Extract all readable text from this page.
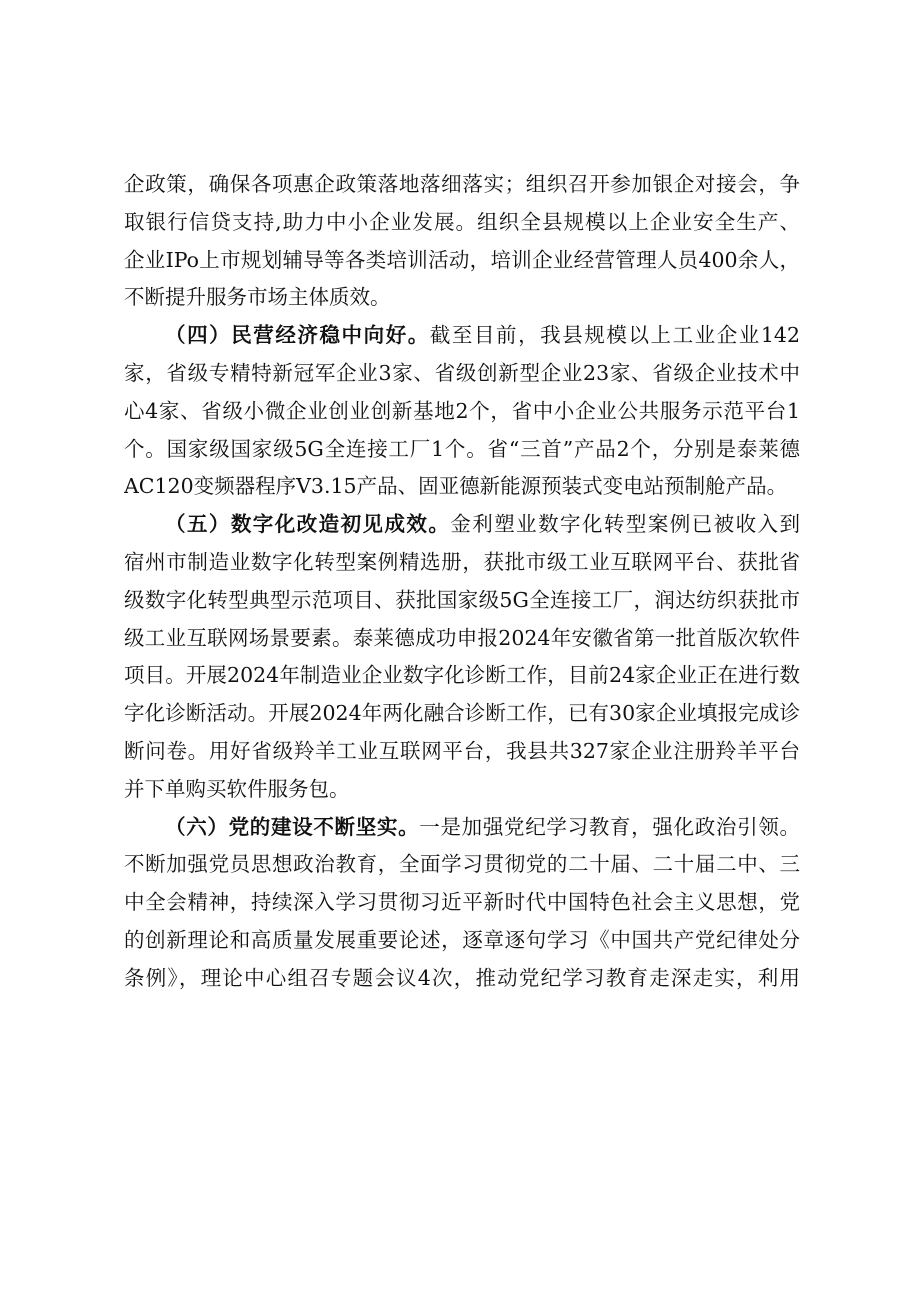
企政策，确保各项惠企政策落地落细落实；组织召开参加银企对接会，争
取银行信贷支持,助力中小企业发展。组织全县规模以上企业安全生产、
企业IPo上市规划辅导等各类培训活动，培训企业经营管理人员400余人，
不断提升服务市场主体质效。
（四）民营经济稳中向好。截至目前，我县规模以上工业企业142
家，省级专精特新冠军企业3家、省级创新型企业23家、省级企业技术中
心4家、省级小微企业创业创新基地2个，省中小企业公共服务示范平台1
个。国家级国家级5G全连接工厂1个。省“三首”产品2个，分别是泰莱德
AC120变频器程序V3.15产品、固亚德新能源预装式变电站预制舱产品。
（五）数字化改造初见成效。金利塑业数字化转型案例已被收入到
宿州市制造业数字化转型案例精选册，获批市级工业互联网平台、获批省
级数字化转型典型示范项目、获批国家级5G全连接工厂，润达纺织获批市
级工业互联网场景要素。泰莱德成功申报2024年安徽省第一批首版次软件
项目。开展2024年制造业企业数字化诊断工作，目前24家企业正在进行数
字化诊断活动。开展2024年两化融合诊断工作，已有30家企业填报完成诊
断问卷。用好省级羚羊工业互联网平台，我县共327家企业注册羚羊平台
并下单购买软件服务包。
（六）党的建设不断坚实。一是加强党纪学习教育，强化政治引领。
不断加强党员思想政治教育，全面学习贯彻党的二十届、二十届二中、三
中全会精神，持续深入学习贯彻习近平新时代中国特色社会主义思想，党
的创新理论和高质量发展重要论述，逐章逐句学习《中国共产党纪律处分
条例》，理论中心组召专题会议4次，推动党纪学习教育走深走实，利用
